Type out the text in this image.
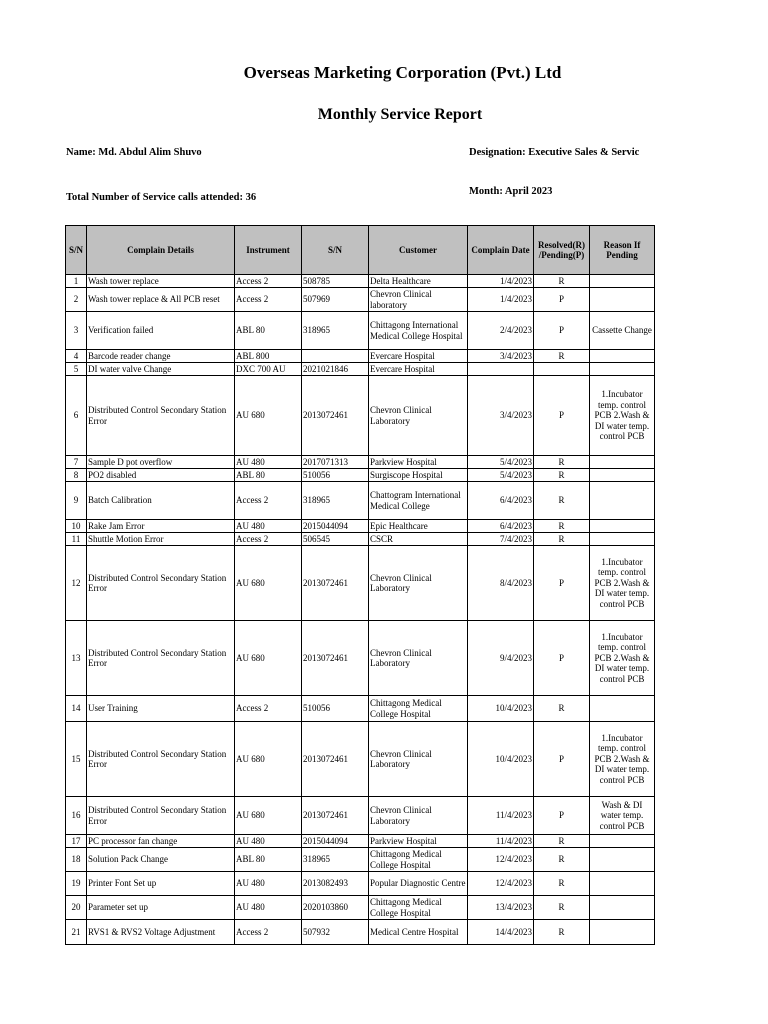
Overseas Marketing Corporation (Pvt.) Ltd
Monthly Service Report
Name: Md. Abdul Alim Shuvo	Designation: Executive Sales & Servic
Total Number of Service calls attended: 36
Month: April 2023
S/N	Complain Details	Instrument	S/N	Customer	Complain Date	Resolved(R) /Pending(P)	Reason If Pending
1	Wash tower replace	Access 2	508785	Delta Healthcare	1/4/2023	R	
2	Wash tower replace & All PCB reset	Access 2	507969	Chevron Clinical laboratory	1/4/2023	P	
3	Verification failed	ABL 80	318965	Chittagong International Medical College Hospital	2/4/2023	P	Cassette Change
4	Barcode reader change	ABL 800		Evercare Hospital	3/4/2023	R	
5	DI water valve Change	DXC 700 AU	2021021846	Evercare Hospital			
6	Distributed Control Secondary Station Error	AU 680	2013072461	Chevron Clinical Laboratory	3/4/2023	P	1.Incubator temp. control PCB 2.Wash & DI water temp. control PCB
7	Sample D pot overflow	AU 480	2017071313	Parkview Hospital	5/4/2023	R	
8	PO2 disabled	ABL 80	510056	Surgiscope Hospital	5/4/2023	R	
9	Batch Calibration	Access 2	318965	Chattogram International Medical College	6/4/2023	R	
10	Rake Jam Error	AU 480	2015044094	Epic Healthcare	6/4/2023	R	
11	Shuttle Motion Error	Access 2	506545	CSCR	7/4/2023	R	
12	Distributed Control Secondary Station Error	AU 680	2013072461	Chevron Clinical Laboratory	8/4/2023	P	1.Incubator temp. control PCB 2.Wash & DI water temp. control PCB
13	Distributed Control Secondary Station Error	AU 680	2013072461	Chevron Clinical Laboratory	9/4/2023	P	1.Incubator temp. control PCB 2.Wash & DI water temp. control PCB
14	User Training	Access 2	510056	Chittagong Medical College Hospital	10/4/2023	R	
15	Distributed Control Secondary Station Error	AU 680	2013072461	Chevron Clinical Laboratory	10/4/2023	P	1.Incubator temp. control PCB 2.Wash & DI water temp. control PCB
16	Distributed Control Secondary Station Error	AU 680	2013072461	Chevron Clinical Laboratory	11/4/2023	P	Wash & DI water temp. control PCB
17	PC processor fan change	AU 480	2015044094	Parkview Hospital	11/4/2023	R	
18	Solution Pack Change	ABL 80	318965	Chittagong Medical College Hospital	12/4/2023	R	
19	Printer Font Set up	AU 480	2013082493	Popular Diagnostic Centre	12/4/2023	R	
20	Parameter set up	AU 480	2020103860	Chittagong Medical College Hospital	13/4/2023	R	
21	RVS1 & RVS2 Voltage Adjustment	Access 2	507932	Medical Centre Hospital	14/4/2023	R	
